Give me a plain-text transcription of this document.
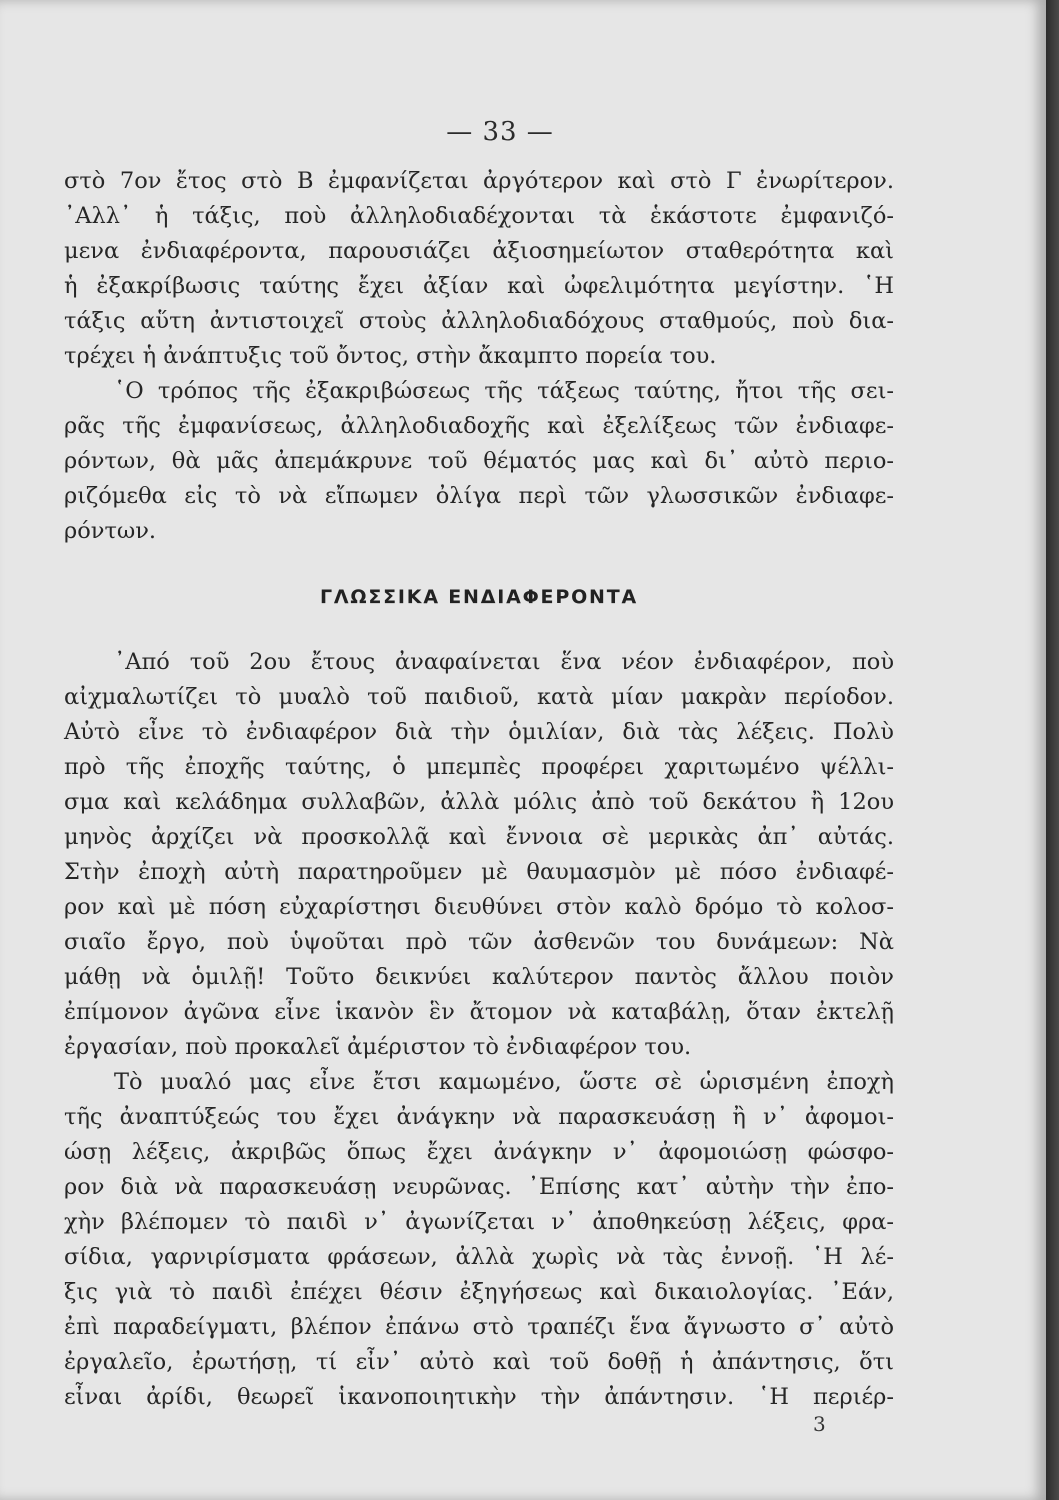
— 33 —
στὸ 7ον ἔτος στὸ Β ἐμφανίζεται ἀργότερον καὶ στὸ Γ ἐνωρίτερον.
᾿Αλλ᾿ ἡ τάξις, ποὺ ἀλληλοδιαδέχονται τὰ ἑκάστοτε ἐμφανιζό-
μενα ἐνδιαφέροντα, παρουσιάζει ἀξιοσημείωτον σταθερότητα καὶ
ἡ ἐξακρίβωσις ταύτης ἔχει ἀξίαν καὶ ὠφελιμότητα μεγίστην. ῾Η
τάξις αὕτη ἀντιστοιχεῖ στοὺς ἀλληλοδιαδόχους σταθμούς, ποὺ δια-
τρέχει ἡ ἀνάπτυξις τοῦ ὄντος, στὴν ἄκαμπτο πορεία του.
῾Ο τρόπος τῆς ἐξακριβώσεως τῆς τάξεως ταύτης, ἤτοι τῆς σει-
ρᾶς τῆς ἐμφανίσεως, ἀλληλοδιαδοχῆς καὶ ἐξελίξεως τῶν ἐνδιαφε-
ρόντων, θὰ μᾶς ἀπεμάκρυνε τοῦ θέματός μας καὶ δι᾿ αὐτὸ περιο-
ριζόμεθα εἰς τὸ νὰ εἴπωμεν ὀλίγα περὶ τῶν γλωσσικῶν ἐνδιαφε-
ρόντων.
ΓΛΩΣΣΙΚΑ ΕΝΔΙΑΦΕΡΟΝΤΑ
᾿Από τοῦ 2ου ἔτους ἀναφαίνεται ἕνα νέον ἐνδιαφέρον, ποὺ
αἰχμαλωτίζει τὸ μυαλὸ τοῦ παιδιοῦ, κατὰ μίαν μακρὰν περίοδον.
Αὐτὸ εἶνε τὸ ἐνδιαφέρον διὰ τὴν ὁμιλίαν, διὰ τὰς λέξεις. Πολὺ
πρὸ τῆς ἐποχῆς ταύτης, ὁ μπεμπὲς προφέρει χαριτωμένο ψέλλι-
σμα καὶ κελάδημα συλλαβῶν, ἀλλὰ μόλις ἀπὸ τοῦ δεκάτου ἢ 12ου
μηνὸς ἀρχίζει νὰ προσκολλᾷ καὶ ἔννοια σὲ μερικὰς ἀπ᾿ αὐτάς.
Στὴν ἐποχὴ αὐτὴ παρατηροῦμεν μὲ θαυμασμὸν μὲ πόσο ἐνδιαφέ-
ρον καὶ μὲ πόση εὐχαρίστησι διευθύνει στὸν καλὸ δρόμο τὸ κολοσ-
σιαῖο ἔργο, ποὺ ὑψοῦται πρὸ τῶν ἀσθενῶν του δυνάμεων: Νὰ
μάθῃ νὰ ὁμιλῇ! Τοῦτο δεικνύει καλύτερον παντὸς ἄλλου ποιὸν
ἐπίμονον ἀγῶνα εἶνε ἱκανὸν ἓν ἄτομον νὰ καταβάλῃ, ὅταν ἐκτελῇ
ἐργασίαν, ποὺ προκαλεῖ ἀμέριστον τὸ ἐνδιαφέρον του.
Τὸ μυαλό μας εἶνε ἔτσι καμωμένο, ὥστε σὲ ὡρισμένη ἐποχὴ
τῆς ἀναπτύξεώς του ἔχει ἀνάγκην νὰ παρασκευάσῃ ἢ ν᾿ ἀφομοι-
ώσῃ λέξεις, ἀκριβῶς ὅπως ἔχει ἀνάγκην ν᾿ ἀφομοιώσῃ φώσφο-
ρον διὰ νὰ παρασκευάσῃ νευρῶνας. ᾿Επίσης κατ᾿ αὐτὴν τὴν ἐπο-
χὴν βλέπομεν τὸ παιδὶ ν᾿ ἀγωνίζεται ν᾿ ἀποθηκεύσῃ λέξεις, φρα-
σίδια, γαρνιρίσματα φράσεων, ἀλλὰ χωρὶς νὰ τὰς ἐννοῇ. ῾Η λέ-
ξις γιὰ τὸ παιδὶ ἐπέχει θέσιν ἐξηγήσεως καὶ δικαιολογίας. ᾿Εάν,
ἐπὶ παραδείγματι, βλέπον ἐπάνω στὸ τραπέζι ἕνα ἄγνωστο σ᾿ αὐτὸ
ἐργαλεῖο, ἐρωτήσῃ, τί εἶν᾿ αὐτὸ καὶ τοῦ δοθῇ ἡ ἀπάντησις, ὅτι
εἶναι ἀρίδι, θεωρεῖ ἱκανοποιητικὴν τὴν ἀπάντησιν. ῾Η περιέρ-
3
